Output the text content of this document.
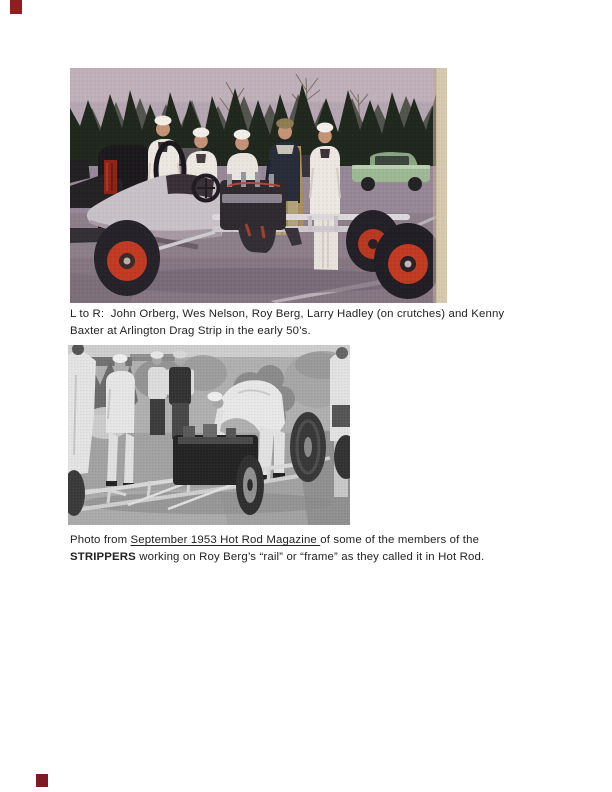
L to R:  John Orberg, Wes Nelson, Roy Berg, Larry Hadley (on crutches) and Kenny
Baxter at Arlington Drag Strip in the early 50’s.
Photo from September 1953 Hot Rod Magazine of some of the members of the
STRIPPERS working on Roy Berg’s “rail” or “frame” as they called it in Hot Rod.
